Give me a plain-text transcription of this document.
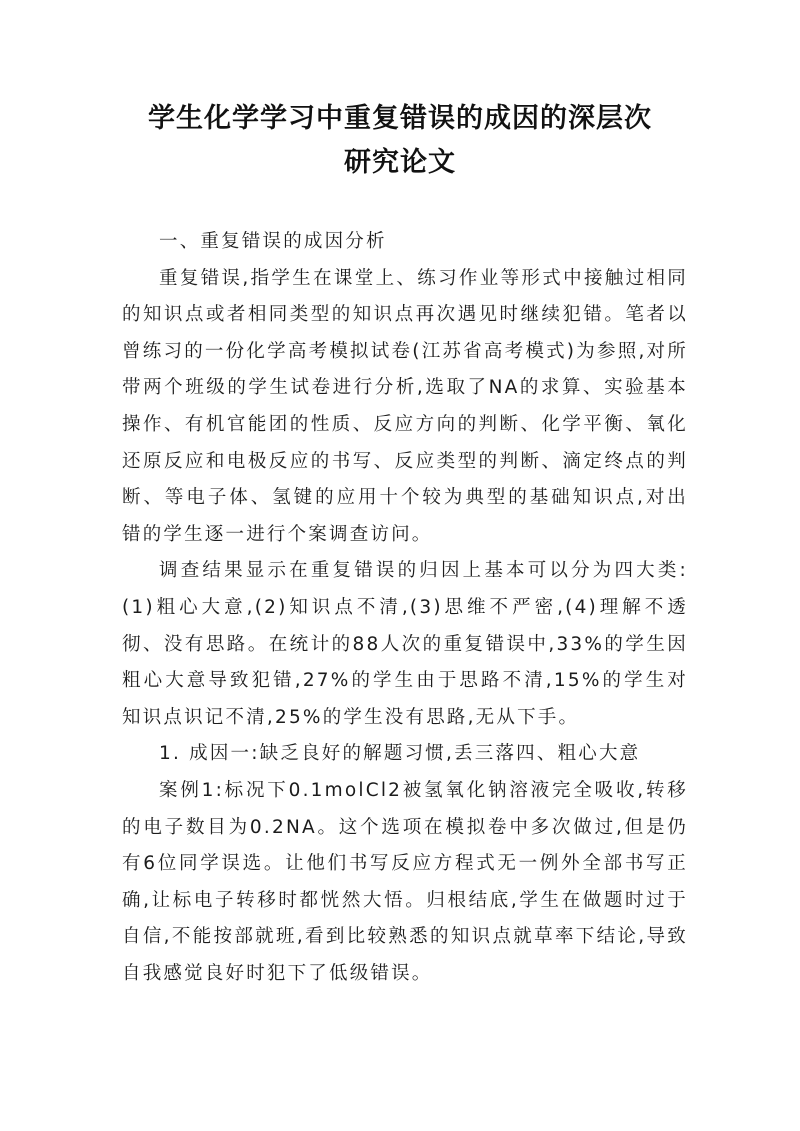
学生化学学习中重复错误的成因的深层次
研究论文

一、重复错误的成因分析

重复错误,指学生在课堂上、练习作业等形式中接触过相同的知识点或者相同类型的知识点再次遇见时继续犯错。笔者以曾练习的一份化学高考模拟试卷(江苏省高考模式)为参照,对所带两个班级的学生试卷进行分析,选取了NA的求算、实验基本操作、有机官能团的性质、反应方向的判断、化学平衡、氧化还原反应和电极反应的书写、反应类型的判断、滴定终点的判断、等电子体、氢键的应用十个较为典型的基础知识点,对出错的学生逐一进行个案调查访问。

调查结果显示在重复错误的归因上基本可以分为四大类:(1)粗心大意,(2)知识点不清,(3)思维不严密,(4)理解不透彻、没有思路。在统计的88人次的重复错误中,33%的学生因粗心大意导致犯错,27%的学生由于思路不清,15%的学生对知识点识记不清,25%的学生没有思路,无从下手。

1. 成因一:缺乏良好的解题习惯,丢三落四、粗心大意

案例1:标况下0.1molCl2被氢氧化钠溶液完全吸收,转移的电子数目为0.2NA。这个选项在模拟卷中多次做过,但是仍有6位同学误选。让他们书写反应方程式无一例外全部书写正确,让标电子转移时都恍然大悟。归根结底,学生在做题时过于自信,不能按部就班,看到比较熟悉的知识点就草率下结论,导致自我感觉良好时犯下了低级错误。
